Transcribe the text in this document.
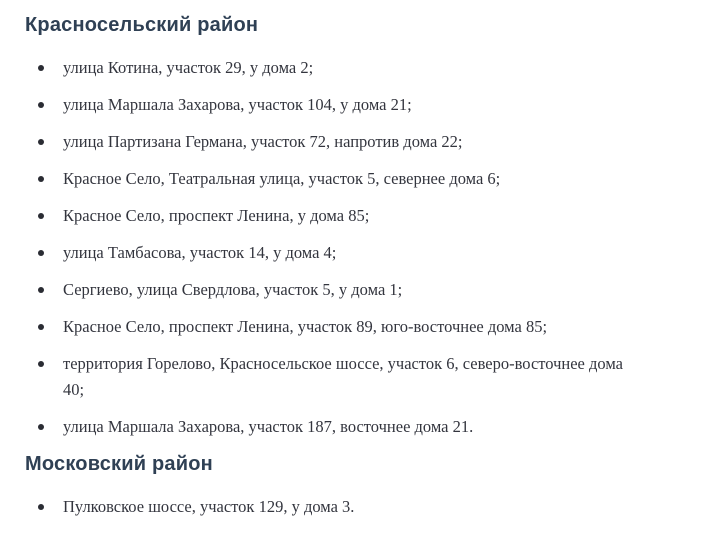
Красносельский район
улица Котина, участок 29, у дома 2;
улица Маршала Захарова, участок 104, у дома 21;
улица Партизана Германа, участок 72, напротив дома 22;
Красное Село, Театральная улица, участок 5, севернее дома 6;
Красное Село, проспект Ленина, у дома 85;
улица Тамбасова, участок 14, у дома 4;
Сергиево, улица Свердлова, участок 5, у дома 1;
Красное Село, проспект Ленина, участок 89, юго-восточнее дома 85;
территория Горелово, Красносельское шоссе, участок 6, северо-восточнее дома 40;
улица Маршала Захарова, участок 187, восточнее дома 21.
Московский район
Пулковское шоссе, участок 129, у дома 3.
